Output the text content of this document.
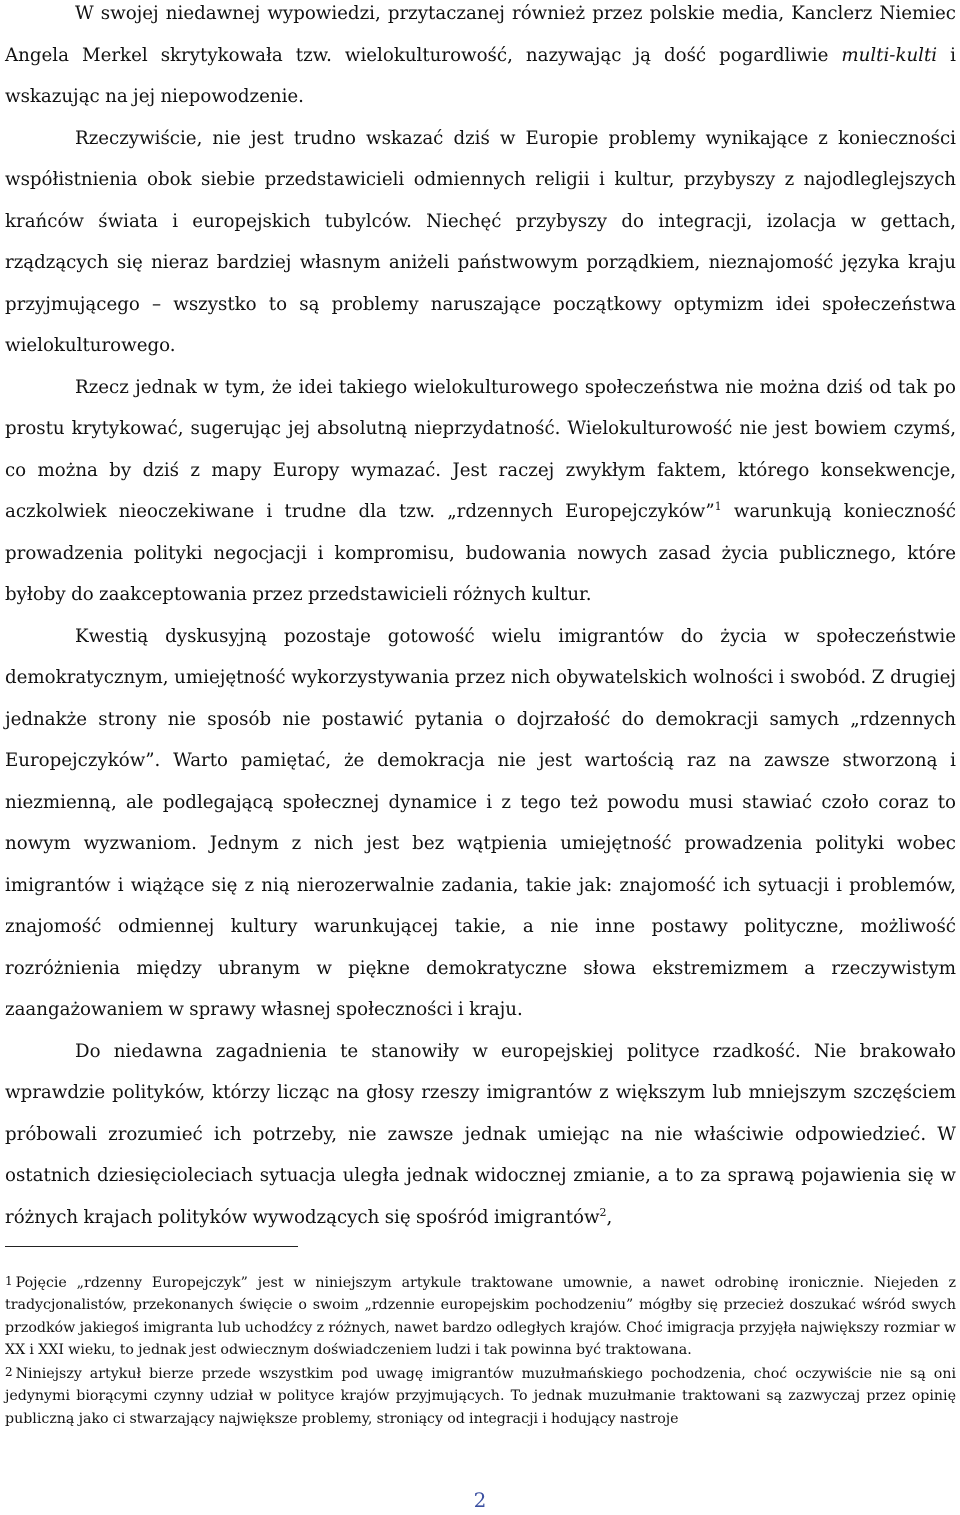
W swojej niedawnej wypowiedzi, przytaczanej również przez polskie media, Kanclerz Niemiec Angela Merkel skrytykowała tzw. wielokulturowość, nazywając ją dość pogardliwie multi-kulti i wskazując na jej niepowodzenie.

Rzeczywiście, nie jest trudno wskazać dziś w Europie problemy wynikające z konieczności współistnienia obok siebie przedstawicieli odmiennych religii i kultur, przybyszy z najodleglejszych krańców świata i europejskich tubylców. Niechęć przybyszy do integracji, izolacja w gettach, rządzących się nieraz bardziej własnym aniżeli państwowym porządkiem, nieznajomość języka kraju przyjmującego – wszystko to są problemy naruszające początkowy optymizm idei społeczeństwa wielokulturowego.

Rzecz jednak w tym, że idei takiego wielokulturowego społeczeństwa nie można dziś od tak po prostu krytykować, sugerując jej absolutną nieprzydatność. Wielokulturowość nie jest bowiem czymś, co można by dziś z mapy Europy wymazać. Jest raczej zwykłym faktem, którego konsekwencje, aczkolwiek nieoczekiwane i trudne dla tzw. „rdzennych Europejczyków”$^1$ warunkują konieczność prowadzenia polityki negocjacji i kompromisu, budowania nowych zasad życia publicznego, które byłoby do zaakceptowania przez przedstawicieli różnych kultur.

Kwestią dyskusyjną pozostaje gotowość wielu imigrantów do życia w społeczeństwie demokratycznym, umiejętność wykorzystywania przez nich obywatelskich wolności i swobód. Z drugiej jednakże strony nie sposób nie postawić pytania o dojrzałość do demokracji samych „rdzennych Europejczyków”. Warto pamiętać, że demokracja nie jest wartością raz na zawsze stworzoną i niezmienną, ale podlegającą społecznej dynamice i z tego też powodu musi stawiać czoło coraz to nowym wyzwaniom. Jednym z nich jest bez wątpienia umiejętność prowadzenia polityki wobec imigrantów i wiążące się z nią nierozerwalnie zadania, takie jak: znajomość ich sytuacji i problemów, znajomość odmiennej kultury warunkującej takie, a nie inne postawy polityczne, możliwość rozróżnienia między ubranym w piękne demokratyczne słowa ekstremizmem a rzeczywistym zaangażowaniem w sprawy własnej społeczności i kraju.

Do niedawna zagadnienia te stanowiły w europejskiej polityce rzadkość. Nie brakowało wprawdzie polityków, którzy licząc na głosy rzeszy imigrantów z większym lub mniejszym szczęściem próbowali zrozumieć ich potrzeby, nie zawsze jednak umiejąc na nie właściwie odpowiedzieć. W ostatnich dziesięcioleciach sytuacja uległa jednak widocznej zmianie, a to za sprawą pojawienia się w różnych krajach polityków wywodzących się spośród imigrantów$^2$,

1 Pojęcie „rdzenny Europejczyk” jest w niniejszym artykule traktowane umownie, a nawet odrobinę ironicznie. Niejeden z tradycjonalistów, przekonanych święcie o swoim „rdzennie europejskim pochodzeniu” mógłby się przecież doszukać wśród swych przodków jakiegoś imigranta lub uchodźcy z różnych, nawet bardzo odległych krajów. Choć imigracja przyjęła największy rozmiar w XX i XXI wieku, to jednak jest odwiecznym doświadczeniem ludzi i tak powinna być traktowana.

2 Niniejszy artykuł bierze przede wszystkim pod uwagę imigrantów muzułmańskiego pochodzenia, choć oczywiście nie są oni jedynymi biorącymi czynny udział w polityce krajów przyjmujących. To jednak muzułmanie traktowani są zazwyczaj przez opinię publiczną jako ci stwarzający największe problemy, stroniący od integracji i hodujący nastroje

2
